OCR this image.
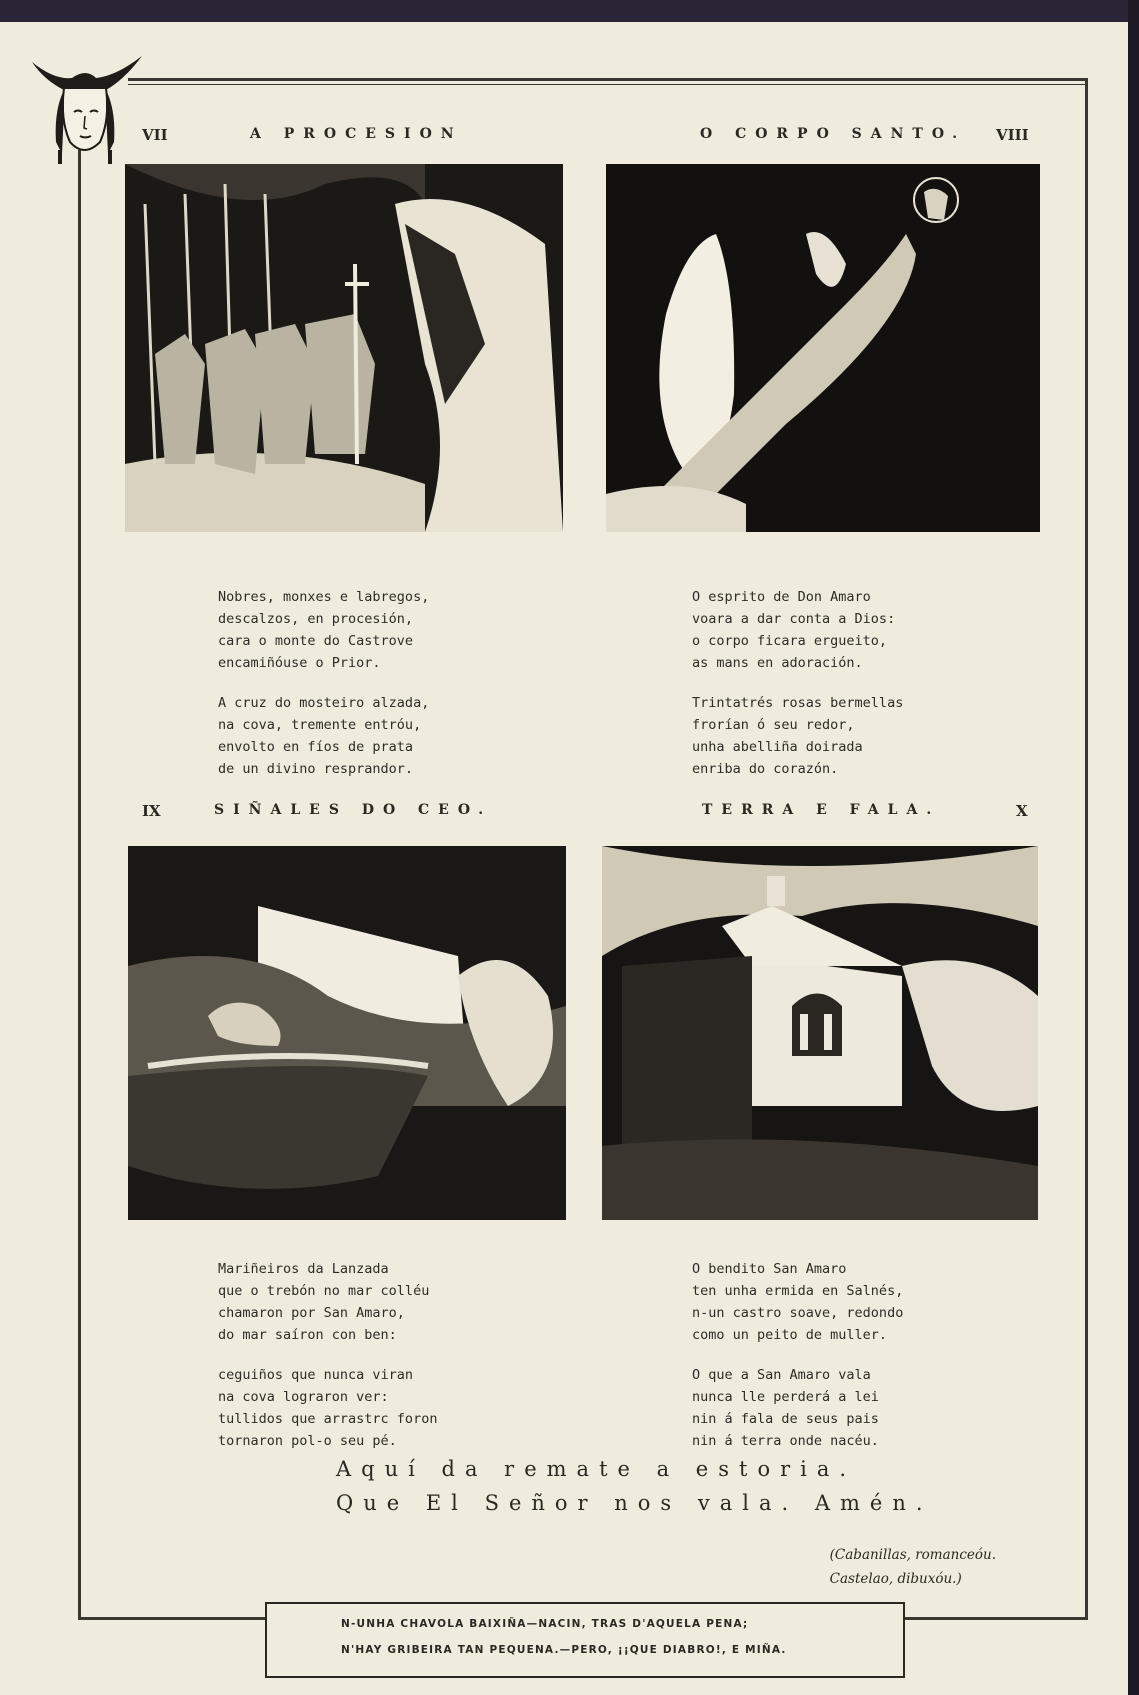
VII	A PROCESION

Nobres, monxes e labregos,

descalzos, en procesión,

cara o monte do Castrove

encamiñóuse o Prior.

A cruz do mosteiro alzada,

na cova, tremente entróu,

envolto en fíos de prata

de un divino resprandor.

O CORPO SANTO. VIII

O esprito de Don Amaro

voara a dar conta a Dios:

o corpo ficara ergueito,

as mans en adoración.

Trintatrés rosas bermellas

frorían ó seu redor,

unha abelliña doirada

enriba do corazón.

IX	SIÑALES DO CEO.

Mariñeiros da Lanzada

que o trebón no mar colléu

chamaron por San Amaro,

do mar saíron con ben:

ceguiños que nunca viran

na cova lograron ver:

tullidos que arrastrc foron

tornaron pol-o seu pé.

TERRA E FALA.	X

O bendito San Amaro

ten unha ermida en Salnés,

n-un castro soave, redondo

como un peito de muller.

O que a San Amaro vala

nunca lle perderá a lei

nin á fala de seus pais

nin á terra onde nacéu.

Aquí da remate a estoria.

Que El Señor nos vala. Amén.

(Cabanillas, romanceóu.

Castelao, dibuxóu.)

N-UNHA CHAVOLA BAIXIÑA—NACIN, TRAS D'AQUELA PENA;

N'HAY GRIBEIRA TAN PEQUENA.—PERO, ¡¡QUE DIABRO!, E MIÑA.
